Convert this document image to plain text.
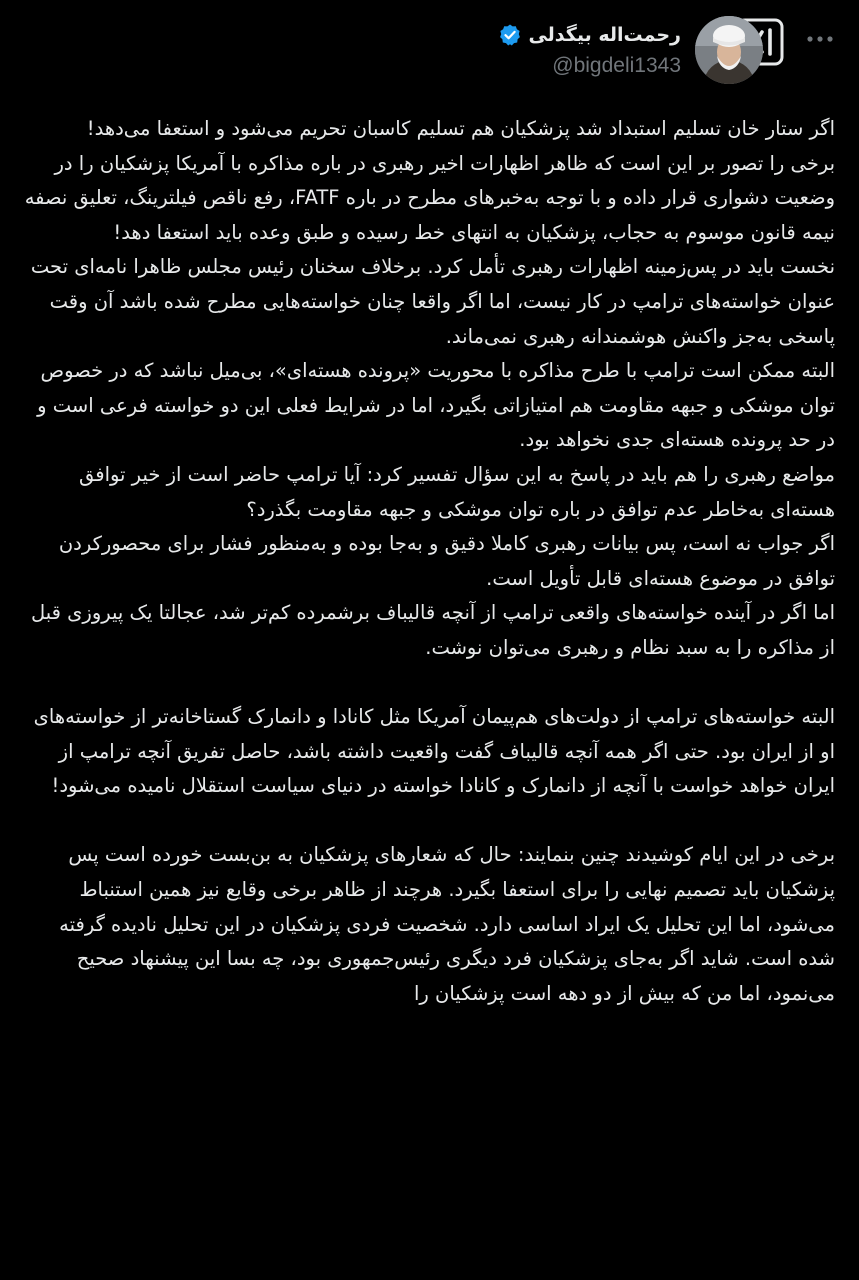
رحمت‌اله بیگدلی
@bigdeli1343

اگر ستار خان تسلیم استبداد شد پزشکیان هم تسلیم کاسبان تحریم می‌شود و استعفا می‌دهد!
برخی را تصور بر این است که ظاهر اظهارات اخیر رهبری در باره مذاکره با آمریکا پزشکیان را در وضعیت دشواری قرار داده و با توجه به‌خبرهای مطرح در باره FATF، رفع ناقص فیلترینگ، تعلیق نصفه نیمه قانون موسوم به حجاب، پزشکیان به انتهای خط رسیده و طبق وعده باید استعفا دهد!
نخست باید در پس‌زمینه اظهارات رهبری تأمل کرد. برخلاف سخنان رئیس مجلس ظاهرا نامه‌ای تحت عنوان خواسته‌های ترامپ در کار نیست، اما اگر واقعا چنان خواسته‌هایی مطرح شده باشد آن وقت پاسخی به‌جز واکنش هوشمندانه رهبری نمی‌ماند.
البته ممکن است ترامپ با طرح مذاکره با محوریت «پرونده هسته‌ای»، بی‌میل نباشد که در خصوص توان موشکی و جبهه مقاومت هم امتیازاتی بگیرد، اما در شرایط فعلی این دو خواسته فرعی است و در حد پرونده هسته‌ای جدی نخواهد بود.
مواضع رهبری را هم باید در پاسخ به این سؤال تفسیر کرد: آیا ترامپ حاضر است از خیر توافق هسته‌ای به‌خاطر عدم توافق در باره توان موشکی و جبهه مقاومت بگذرد؟
اگر جواب نه است، پس بیانات رهبری کاملا دقیق و به‌جا بوده و به‌منظور فشار برای محصورکردن توافق در موضوع هسته‌ای قابل تأویل است.
اما اگر در آینده خواسته‌های واقعی ترامپ از آنچه قالیباف برشمرده کم‌تر شد، عجالتا یک پیروزی قبل از مذاکره را به سبد نظام و رهبری می‌توان نوشت.

البته خواسته‌های ترامپ از دولت‌های هم‌پیمان آمریکا مثل کانادا و دانمارک گستاخانه‌تر از خواسته‌های او از ایران بود. حتی اگر همه آنچه قالیباف گفت واقعیت داشته باشد، حاصل تفریق آنچه ترامپ از ایران خواهد خواست با آنچه از دانمارک و کانادا خواسته در دنیای سیاست استقلال نامیده می‌شود!

برخی در این ایام کوشیدند چنین بنمایند: حال که شعارهای پزشکیان به بن‌بست خورده است پس پزشکیان باید تصمیم نهایی را برای استعفا بگیرد. هرچند از ظاهر برخی وقایع نیز همین استنباط می‌شود، اما این تحلیل یک ایراد اساسی دارد. شخصیت فردی پزشکیان در این تحلیل نادیده گرفته شده است. شاید اگر به‌جای پزشکیان فرد دیگری رئیس‌جمهوری بود، چه بسا این پیشنهاد صحیح می‌نمود، اما من که بیش از دو دهه است پزشکیان را
